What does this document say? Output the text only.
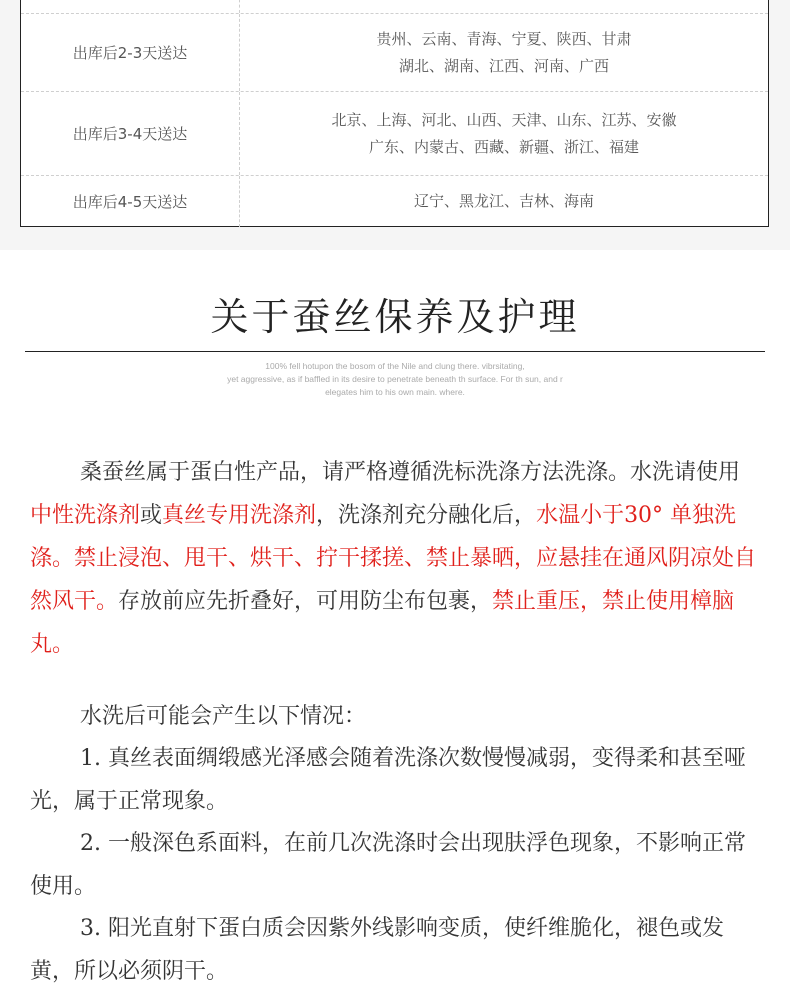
出库后2-3天送达
贵州、云南、青海、宁夏、陕西、甘肃
湖北、湖南、江西、河南、广西
出库后3-4天送达
北京、上海、河北、山西、天津、山东、江苏、安徽
广东、内蒙古、西藏、新疆、浙江、福建
出库后4-5天送达	辽宁、黑龙江、吉林、海南
关于蚕丝保养及护理
100% fell hotupon the bosom of the Nile and clung there. vibrsitating,
yet aggressive, as if baffled in its desire to penetrate beneath th surface. For th sun, and r
elegates him to his own main. where.
桑蚕丝属于蛋白性产品，请严格遵循洗标洗涤方法洗涤。水洗请使用中性洗涤剂或真丝专用洗涤剂，洗涤剂充分融化后，水温小于30° 单独洗涤。禁止浸泡、甩干、烘干、拧干揉搓、禁止暴晒，应悬挂在通风阴凉处自然风干。存放前应先折叠好，可用防尘布包裹，禁止重压，禁止使用樟脑丸。
水洗后可能会产生以下情况：
1. 真丝表面绸缎感光泽感会随着洗涤次数慢慢减弱，变得柔和甚至哑光，属于正常现象。
2. 一般深色系面料，在前几次洗涤时会出现肤浮色现象，不影响正常使用。
3. 阳光直射下蛋白质会因紫外线影响变质，使纤维脆化，褪色或发黄，所以必须阴干。
